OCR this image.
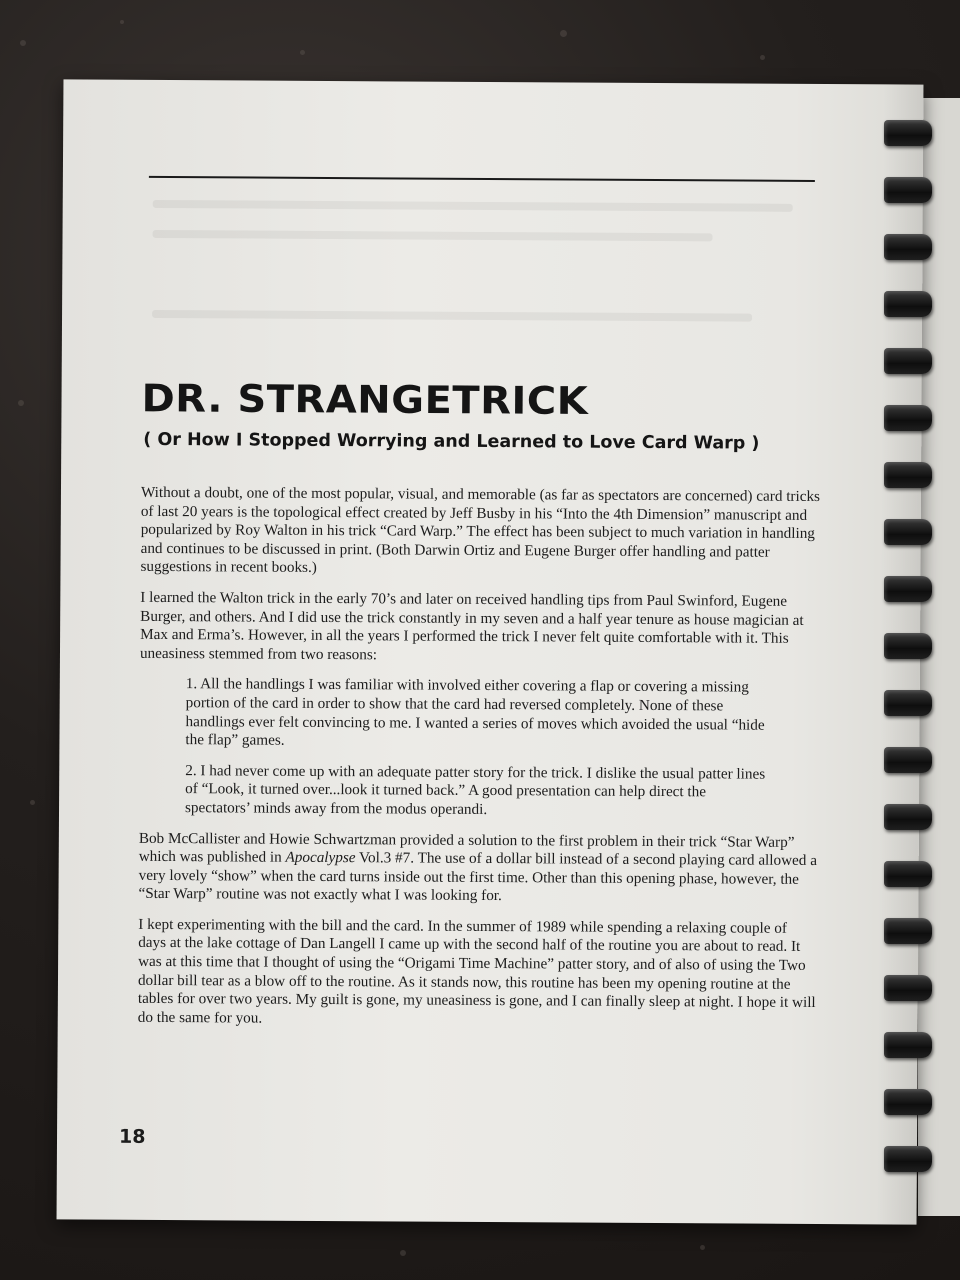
DR. STRANGETRICK
( Or How I Stopped Worrying and Learned to Love Card Warp )

Without a doubt, one of the most popular, visual, and memorable (as far as spectators are concerned) card tricks of last 20 years is the topological effect created by Jeff Busby in his “Into the 4th Dimension” manuscript and popularized by Roy Walton in his trick “Card Warp.” The effect has been subject to much variation in handling and continues to be discussed in print. (Both Darwin Ortiz and Eugene Burger offer handling and patter suggestions in recent books.)

I learned the Walton trick in the early 70’s and later on received handling tips from Paul Swinford, Eugene Burger, and others. And I did use the trick constantly in my seven and a half year tenure as house magician at Max and Erma’s. However, in all the years I performed the trick I never felt quite comfortable with it. This uneasiness stemmed from two reasons:

1. All the handlings I was familiar with involved either covering a flap or covering a missing portion of the card in order to show that the card had reversed completely. None of these handlings ever felt convincing to me. I wanted a series of moves which avoided the usual “hide the flap” games.

2. I had never come up with an adequate patter story for the trick. I dislike the usual patter lines of “Look, it turned over...look it turned back.” A good presentation can help direct the spectators’ minds away from the modus operandi.

Bob McCallister and Howie Schwartzman provided a solution to the first problem in their trick “Star Warp” which was published in Apocalypse Vol.3 #7. The use of a dollar bill instead of a second playing card allowed a very lovely “show” when the card turns inside out the first time. Other than this opening phase, however, the “Star Warp” routine was not exactly what I was looking for.

I kept experimenting with the bill and the card. In the summer of 1989 while spending a relaxing couple of days at the lake cottage of Dan Langell I came up with the second half of the routine you are about to read. It was at this time that I thought of using the “Origami Time Machine” patter story, and of also of using the Two dollar bill tear as a blow off to the routine. As it stands now, this routine has been my opening routine at the tables for over two years. My guilt is gone, my uneasiness is gone, and I can finally sleep at night. I hope it will do the same for you.

18
